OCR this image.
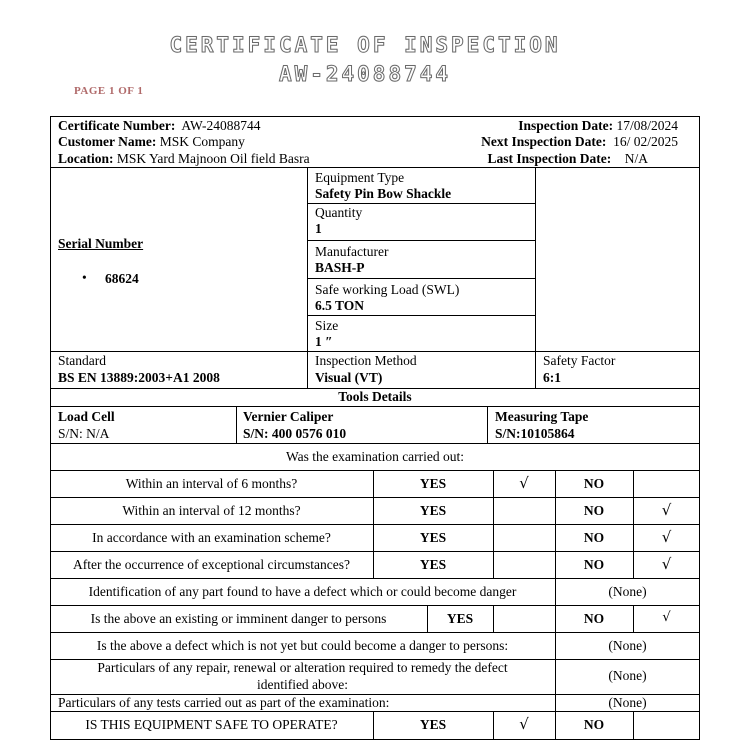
CERTIFICATE OF INSPECTION
AW-24088744
PAGE 1 OF 1
Certificate Number: AW-24088744
Customer Name: MSK Company
Location: MSK Yard Majnoon Oil field Basra
Inspection Date: 17/08/2024
Next Inspection Date: 16/ 02/2025
Last Inspection Date: N/A
Serial Number
• 68624
Equipment Type
Safety Pin Bow Shackle
Quantity
1
Manufacturer
BASH-P
Safe working Load (SWL)
6.5 TON
Size
1 ″
Standard
BS EN 13889:2003+A1 2008
Inspection Method
Visual (VT)
Safety Factor
6:1
Tools Details
Load Cell
S/N: N/A
Vernier Caliper
S/N: 400 0576 010
Measuring Tape
S/N:10105864
Was the examination carried out:
Within an interval of 6 months?	YES	√	NO
Within an interval of 12 months?	YES	NO	√
In accordance with an examination scheme?	YES	NO	√
After the occurrence of exceptional circumstances?	YES	NO	√
Identification of any part found to have a defect which or could become danger	(None)
Is the above an existing or imminent danger to persons	YES	NO	√
Is the above a defect which is not yet but could become a danger to persons:	(None)
Particulars of any repair, renewal or alteration required to remedy the defect
identified above:
(None)
Particulars of any tests carried out as part of the examination:	(None)
IS THIS EQUIPMENT SAFE TO OPERATE?	YES	√	NO
